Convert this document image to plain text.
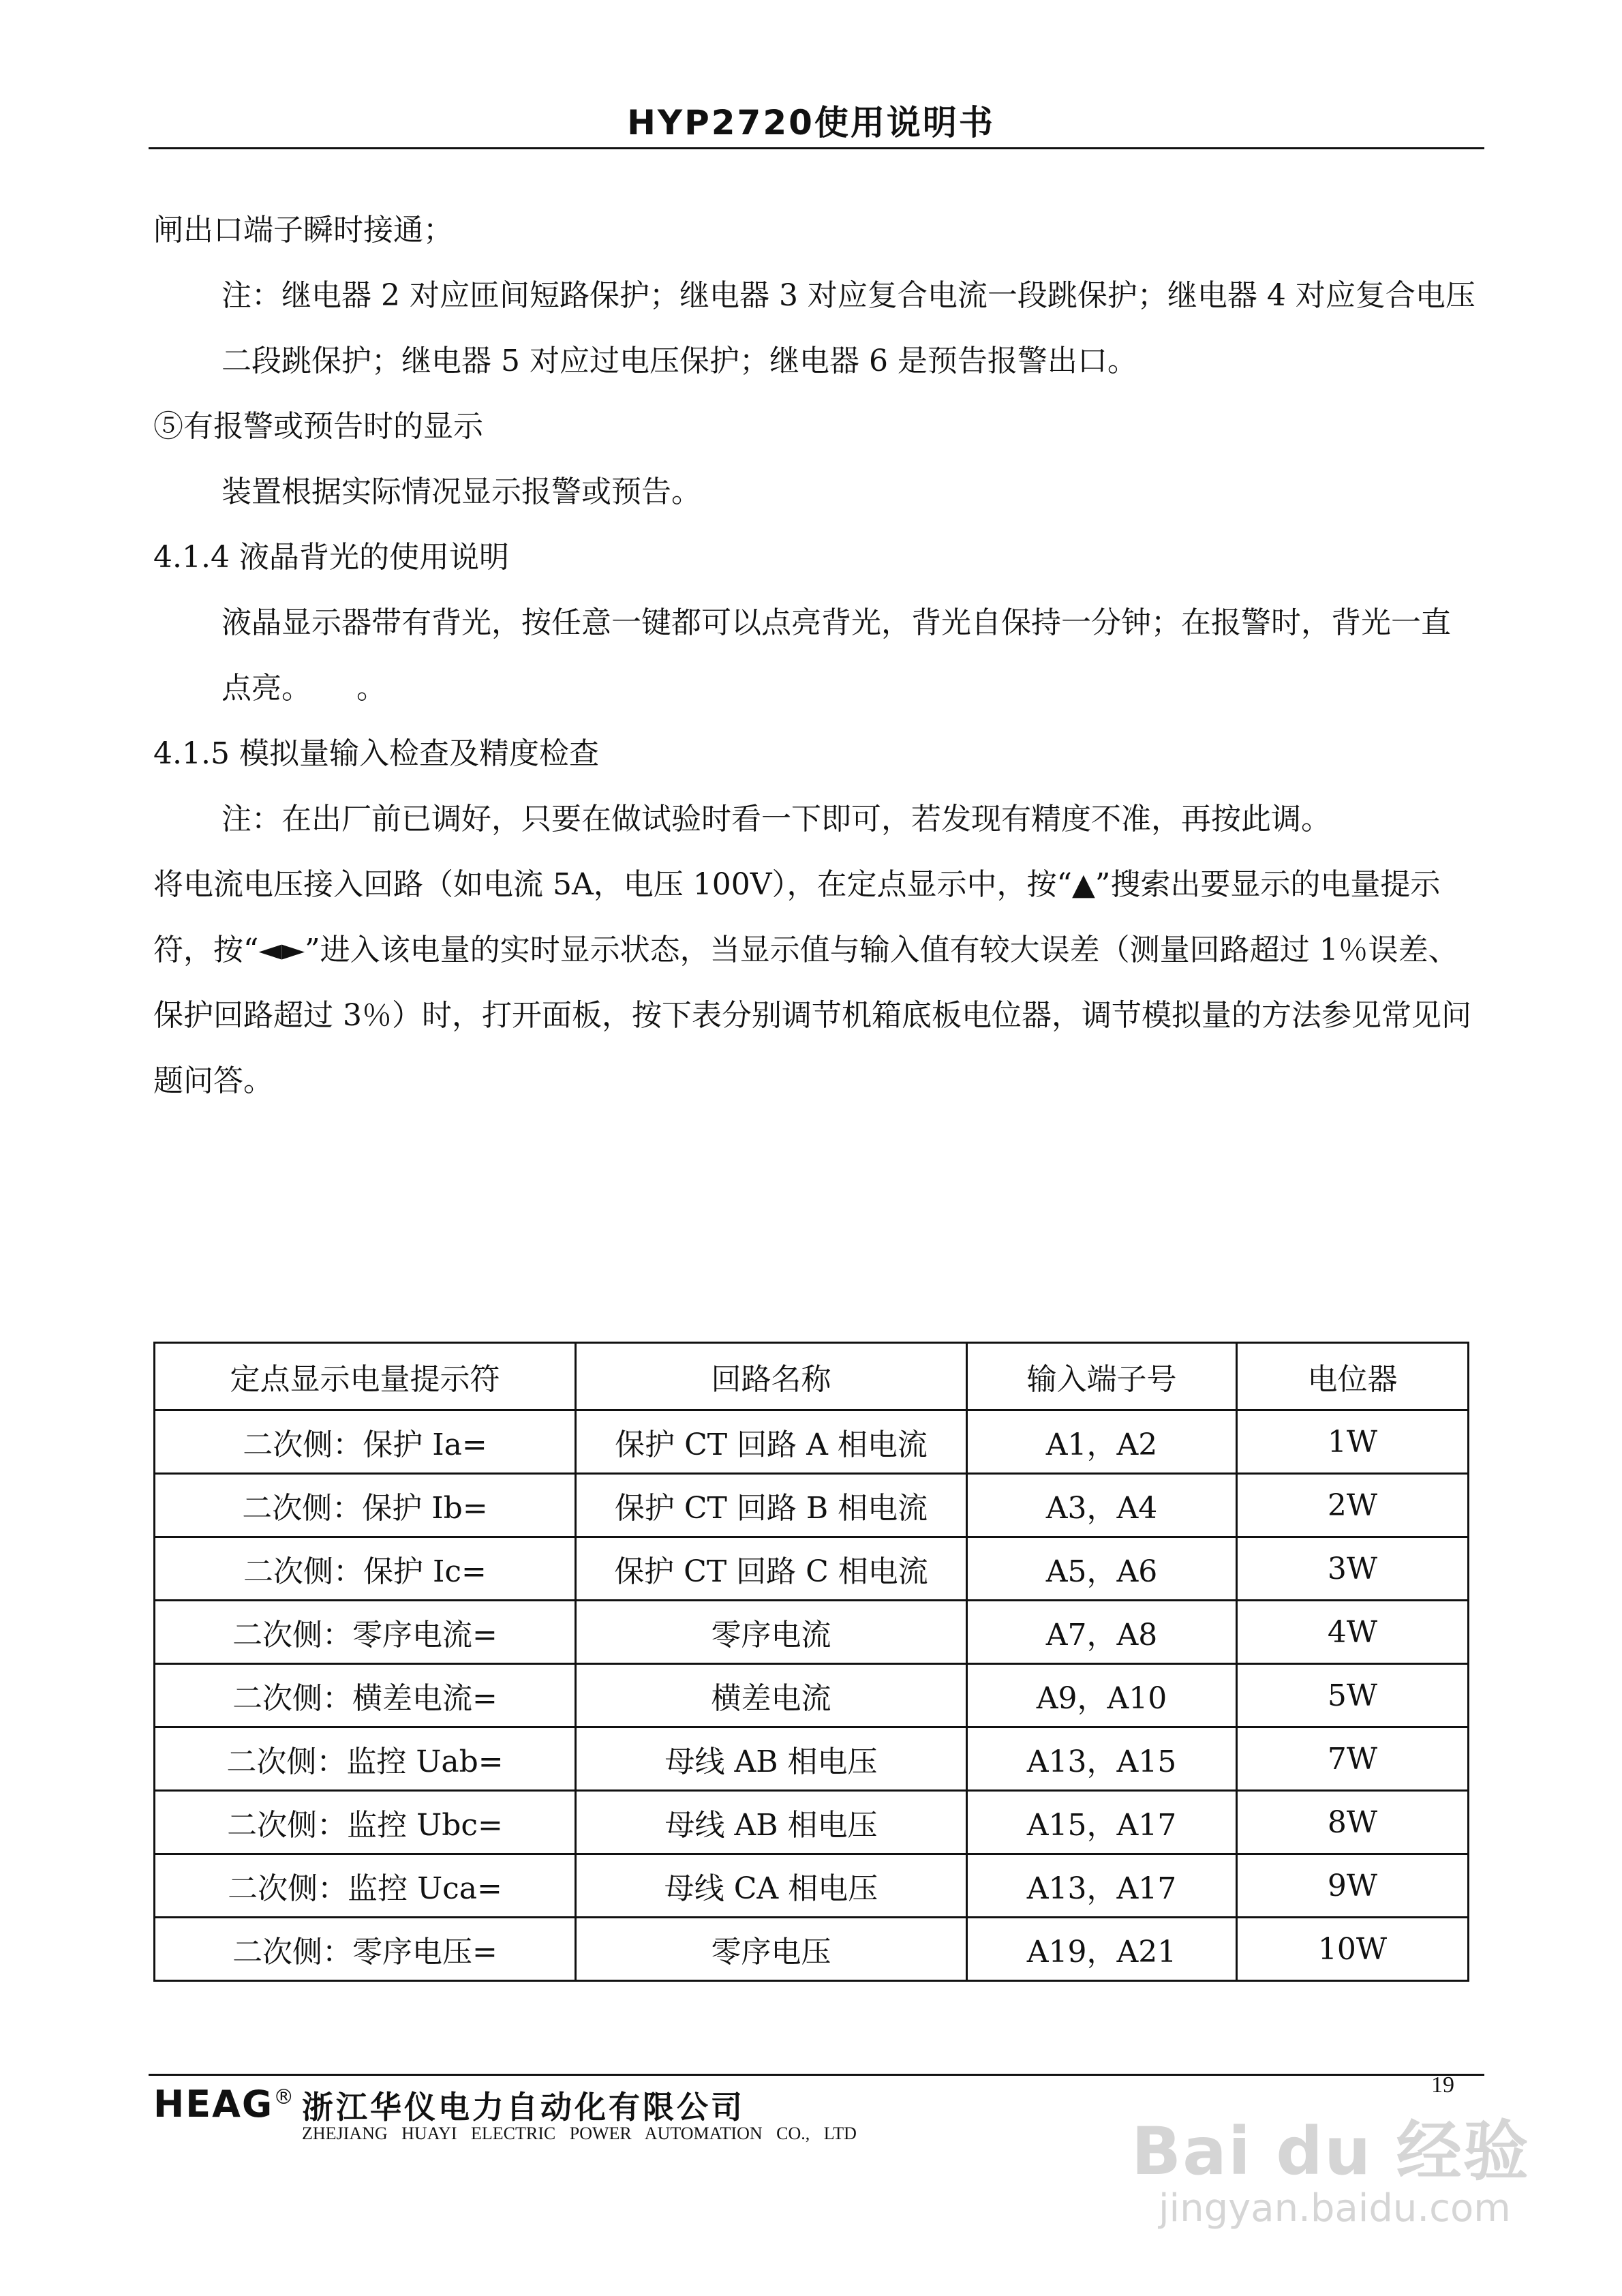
HYP2720使用说明书

闸出口端子瞬时接通；

注：继电器 2 对应匝间短路保护；继电器 3 对应复合电流一段跳保护；继电器 4 对应复合电压二段跳保护；继电器 5 对应过电压保护；继电器 6 是预告报警出口。

⑤有报警或预告时的显示

装置根据实际情况显示报警或预告。

4.1.4 液晶背光的使用说明

液晶显示器带有背光，按任意一键都可以点亮背光，背光自保持一分钟；在报警时，背光一直点亮。　　。

4.1.5 模拟量输入检查及精度检查

注：在出厂前已调好，只要在做试验时看一下即可，若发现有精度不准，再按此调。

将电流电压接入回路（如电流 5A，电压 100V），在定点显示中，按“▲”搜索出要显示的电量提示符，按“◄►”进入该电量的实时显示状态，当显示值与输入值有较大误差（测量回路超过 1％误差、保护回路超过 3％）时，打开面板，按下表分别调节机箱底板电位器，调节模拟量的方法参见常见问题问答。

定点显示电量提示符	回路名称	输入端子号	电位器
二次侧：保护 Ia=	保护 CT 回路 A 相电流	A1，A2	1W
二次侧：保护 Ib=	保护 CT 回路 B 相电流	A3，A4	2W
二次侧：保护 Ic=	保护 CT 回路 C 相电流	A5，A6	3W
二次侧：零序电流=	零序电流	A7，A8	4W
二次侧：横差电流=	横差电流	A9，A10	5W
二次侧：监控 Uab=	母线 AB 相电压	A13，A15	7W
二次侧：监控 Ubc=	母线 AB 相电压	A15，A17	8W
二次侧：监控 Uca=	母线 CA 相电压	A13，A17	9W
二次侧：零序电压=	零序电压	A19，A21	10W
HEAG® 浙江华仪电力自动化有限公司
ZHEJIANG HUAYI ELECTRIC POWER AUTOMATION CO., LTD
19
Bai du 经验
jingyan.baidu.com
